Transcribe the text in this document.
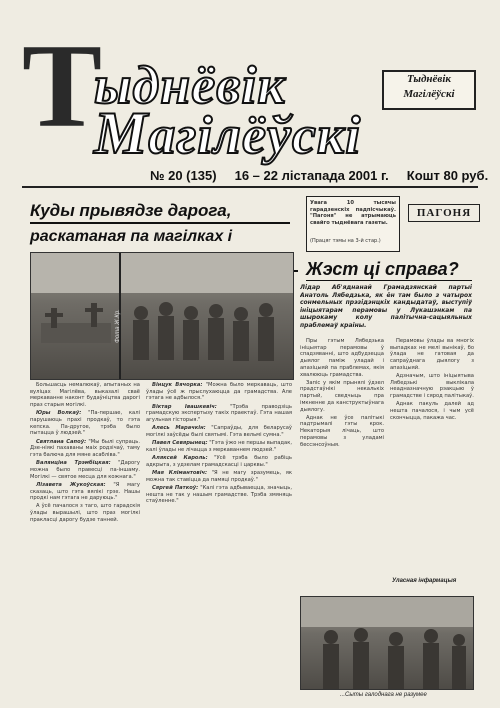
Т
ыднёвік
Магілёўскі
Тыднёвік
Магілёўскі
№ 20 (135) 16 – 22 лістапада 2001 г. Кошт 80 руб.
Куды прывядзе дарога,
раскатаная па магілках і
Увага 10 тысячы гарадзенскіх падпісчыкаў. "Пагоня" не атрымаюць свайго тыднёвага газеты.
(Працяг тэмы на 3-й стар.)
ПАГОНЯ
Жэст ці справа?
Лідар Аб'яднанай Грамадзянскай партыі Анатоль Лябедзька, як ён там было з чатырох сонмельных прэзідэнцкіх кандыдатаў, выступіў ініцыятарам перамовы у Лукашэнкам па шырокаму колу палітычна-сацыяльных праблемаў краіны.
Фота Ж.Кр.

Большасць немалюкаў, апытаных на вуліцах Магілёва, выказалі сваё меркаванне наконт будаўніцтва дарогі праз старыя могілкі.

Юры Волкаў: "Па-першае, калі парушаюць прахі продкаў, то гэта кепска. Па-другое, трэба было пытацца ў людзей."

Святлана Сапоў: "Мы былі супраць. Дзе-ніякі пахаваны маіх родзічаў, таму гэта балюча для мяне асабліва."

Валянціна Трэмбіцкая: "Дарогу можна было правесці па-іншаму. Могілкі — святое месца для кожнага."

Лізавета Жукоўская: "Я магу сказаць, што гэта вялікі грэх. Нашы продкі нам гэтага не даруюць."

А ўсё пачалося з таго, што гарадскія ўлады вырашылі, што праз могілкі пракласці дарогу будзе танней.

Вінцук Вячорка: "Можна было меркаваць, што ўлады ўсё ж прыслухаюцца да грамадства. Але гэтага не адбылося."

Віктар Івашкевіч: "Трэба праводзіць грамадскую экспертызу такіх праектаў. Гэта нашая агульная гісторыя."

Алесь Марачкін: "Сапраўды, для беларусаў могілкі заўсёды былі святымі. Гэта вельмі сумна."

Павел Севярынец: "Гэта ўжо не першы выпадак, калі ўлады не лічацца з меркаваннем людзей."

Аляксей Кароль: "Усё трэба было рабіць адкрыта, з удзелам грамадскасці і царквы."

Мая Клімантовіч: "Я не магу зразумець, як можна так ставіцца да памяці продкаў."

Сяргей Паткоў: "Калі гэта адбываецца, значыць, нешта не так у нашым грамадстве. Трэба змяняць стаўленне."

Пры гэтым Лябедзька ініцыятар перамовы ў спадзяванні, што адбудзецца дыялог паміж уладай і апазіцыяй па праблемах, якія хвалююць грамадства.

Запіс у якім прынялі ўдзел прадстаўнікі некалькіх партый, сведчыць пра імкненне да канструктыўнага дыялогу.

Аднак не ўсе палітыкі падтрымалі гэты крок. Некаторыя лічаць, што перамовы з уладамі бессэнсоўныя.

Перамовы ўлады ва многіх выпадках не мелі вынікаў, бо ўлада не гатовая да сапраўднага дыялогу з апазіцыяй.

Адзначым, што ініцыятыва Лябедзькі выклікала неадназначную рэакцыю ў грамадстве і сярод палітыкаў.

Аднак пакуль далей ад нешта пачалося, і чым усё скончыцца, пакажа час.

Уласная інфармацыя
...Сыты галоднага не разумее
